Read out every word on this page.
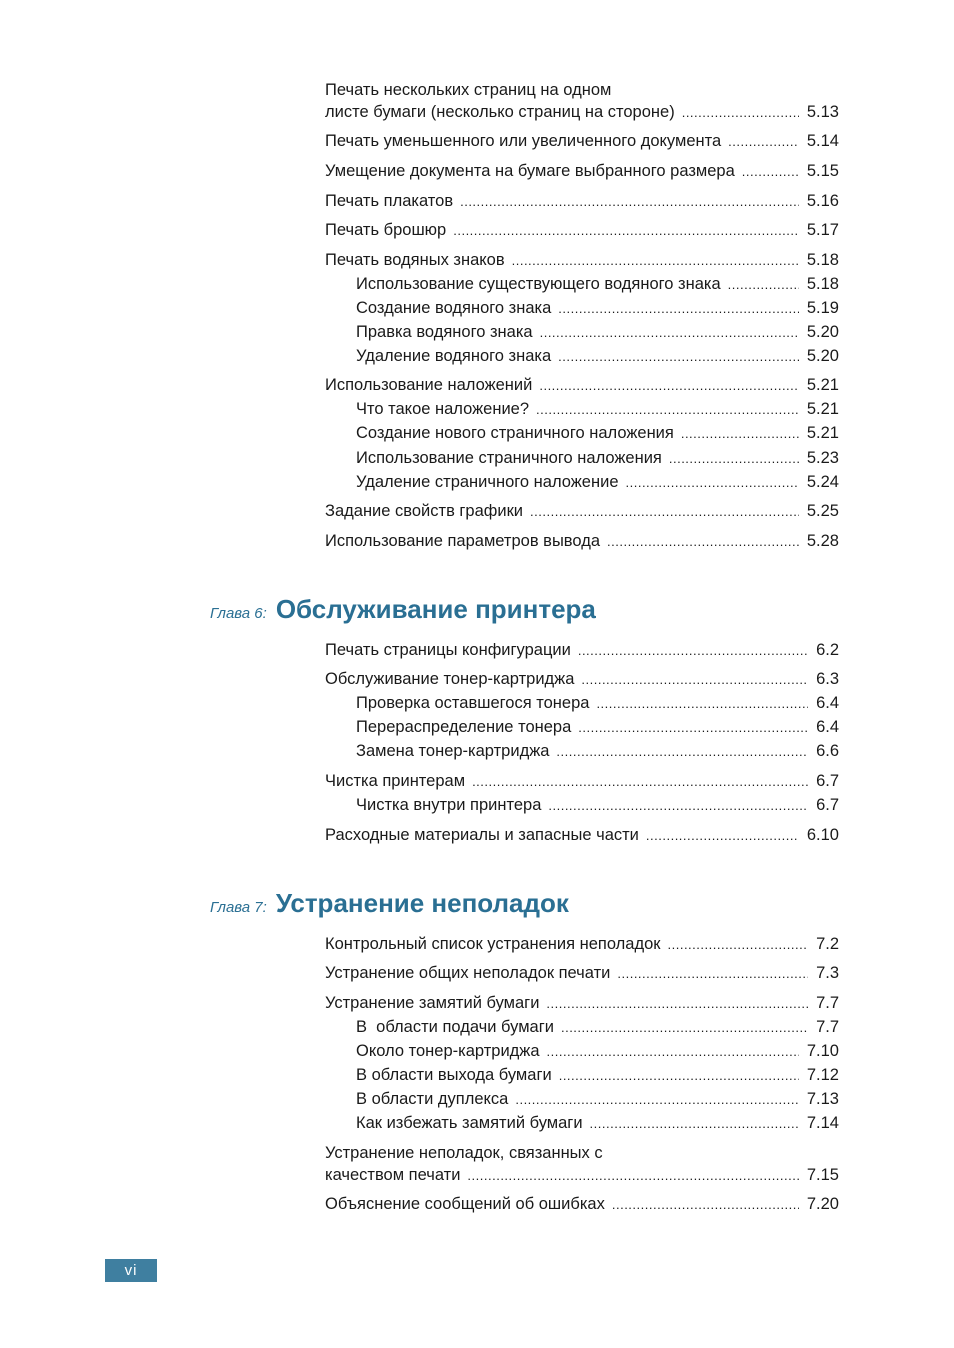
Печать нескольких страниц на одном
листе бумаги (несколько страниц на стороне) .....	5.13
Печать уменьшенного или увеличенного документа .....	5.14
Умещение документа на бумаге выбранного размера .....	5.15
Печать плакатов .....	5.16
Печать брошюр .....	5.17
Печать водяных знаков .....	5.18
Использование существующего водяного знака .....	5.18
Создание водяного знака .....	5.19
Правка водяного знака .....	5.20
Удаление водяного знака .....	5.20
Использование наложений .....	5.21
Что такое наложение? .....	5.21
Создание нового страничного наложения .....	5.21
Использование страничного наложения .....	5.23
Удаление страничного наложение .....	5.24
Задание свойств графики .....	5.25
Использование параметров вывода .....	5.28
Глава 6: Обслуживание принтера
Печать страницы конфигурации .....	6.2
Обслуживание тонер-картриджа .....	6.3
Проверка оставшегося тонера .....	6.4
Перераспределение тонера .....	6.4
Замена тонер-картриджа .....	6.6
Чистка принтерaм .....	6.7
Чистка внутри принтера .....	6.7
Расходные материалы и запасные части .....	6.10
Глава 7: Устранение неполадок
Контрольный список устранения неполадок .....	7.2
Устранение общих неполадок печати .....	7.3
Устранение замятий бумаги .....	7.7
В  области подачи бумаги .....	7.7
Около тонер-картриджа .....	7.10
В области выхода бумаги .....	7.12
В области дуплекса .....	7.13
Как избежать замятий бумаги .....	7.14
Устранение неполадок, связанных с
качеством печати .....	7.15
Объяснение сообщений об ошибках .....	7.20
vi
